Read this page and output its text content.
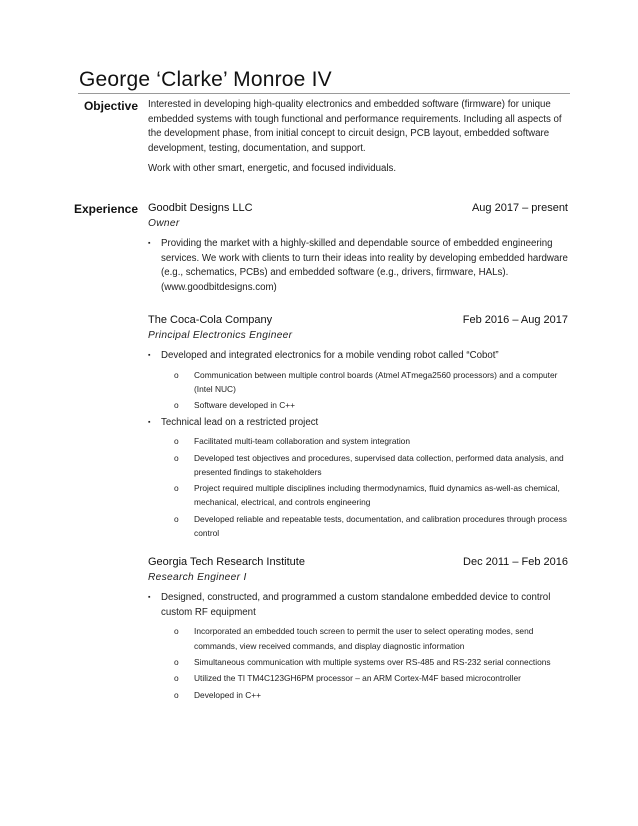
George ‘Clarke’ Monroe IV
Objective Interested in developing high-quality electronics and embedded software (firmware) for unique embedded systems with tough functional and performance requirements. Including all aspects of the development phase, from initial concept to circuit design, PCB layout, embedded software development, testing, documentation, and support.

Work with other smart, energetic, and focused individuals.

Experience Goodbit Designs LLC	Aug 2017 – present
Owner
▪ Providing the market with a highly-skilled and dependable source of embedded engineering services. We work with clients to turn their ideas into reality by developing embedded hardware (e.g., schematics, PCBs) and embedded software (e.g., drivers, firmware, HALs). (www.goodbitdesigns.com)
The Coca-Cola Company	Feb 2016 – Aug 2017
Principal Electronics Engineer
▪ Developed and integrated electronics for a mobile vending robot called “Cobot”
o Communication between multiple control boards (Atmel ATmega2560 processors) and a computer (Intel NUC)
o Software developed in C++
▪ Technical lead on a restricted project
o Facilitated multi-team collaboration and system integration
o Developed test objectives and procedures, supervised data collection, performed data analysis, and presented findings to stakeholders
o Project required multiple disciplines including thermodynamics, fluid dynamics as-well-as chemical, mechanical, electrical, and controls engineering
o Developed reliable and repeatable tests, documentation, and calibration procedures through process control
Georgia Tech Research Institute	Dec 2011 – Feb 2016
Research Engineer I
▪ Designed, constructed, and programmed a custom standalone embedded device to control custom RF equipment
o Incorporated an embedded touch screen to permit the user to select operating modes, send commands, view received commands, and display diagnostic information
o Simultaneous communication with multiple systems over RS-485 and RS-232 serial connections
o Utilized the TI TM4C123GH6PM processor – an ARM Cortex-M4F based microcontroller
o Developed in C++
